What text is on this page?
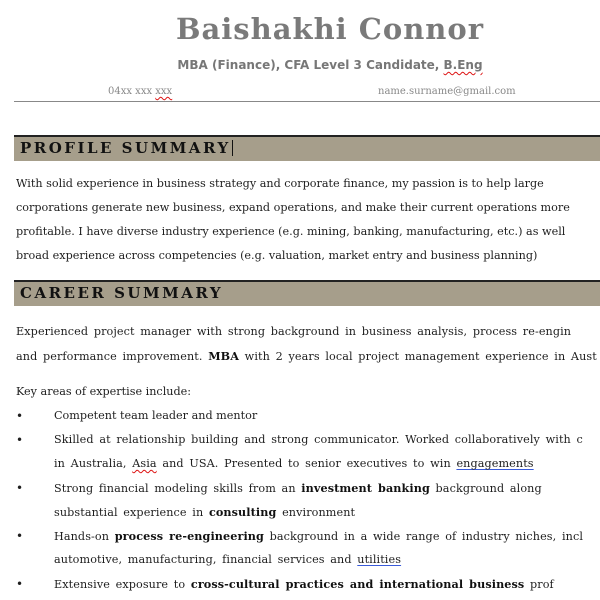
Baishakhi Connor
MBA (Finance), CFA Level 3 Candidate, B.Eng
04xx xxx xxx	name.surname@gmail.com
PROFILE SUMMARY
With solid experience in business strategy and corporate finance, my passion is to help large
corporations generate new business, expand operations, and make their current operations more
profitable. I have diverse industry experience (e.g. mining, banking, manufacturing, etc.) as well
broad experience across competencies (e.g. valuation, market entry and business planning)
CAREER SUMMARY
Experienced project manager with strong background in business analysis, process re-engin
and performance improvement. MBA with 2 years local project management experience in Aust
Key areas of expertise include:
•	Competent team leader and mentor
•	Skilled at relationship building and strong communicator. Worked collaboratively with c
in Australia, Asia and USA. Presented to senior executives to win engagements
•	Strong financial modeling skills from an investment banking background along
substantial experience in consulting environment
•	Hands-on process re-engineering background in a wide range of industry niches, incl
automotive, manufacturing, financial services and utilities
•	Extensive exposure to cross-cultural practices and international business prof
